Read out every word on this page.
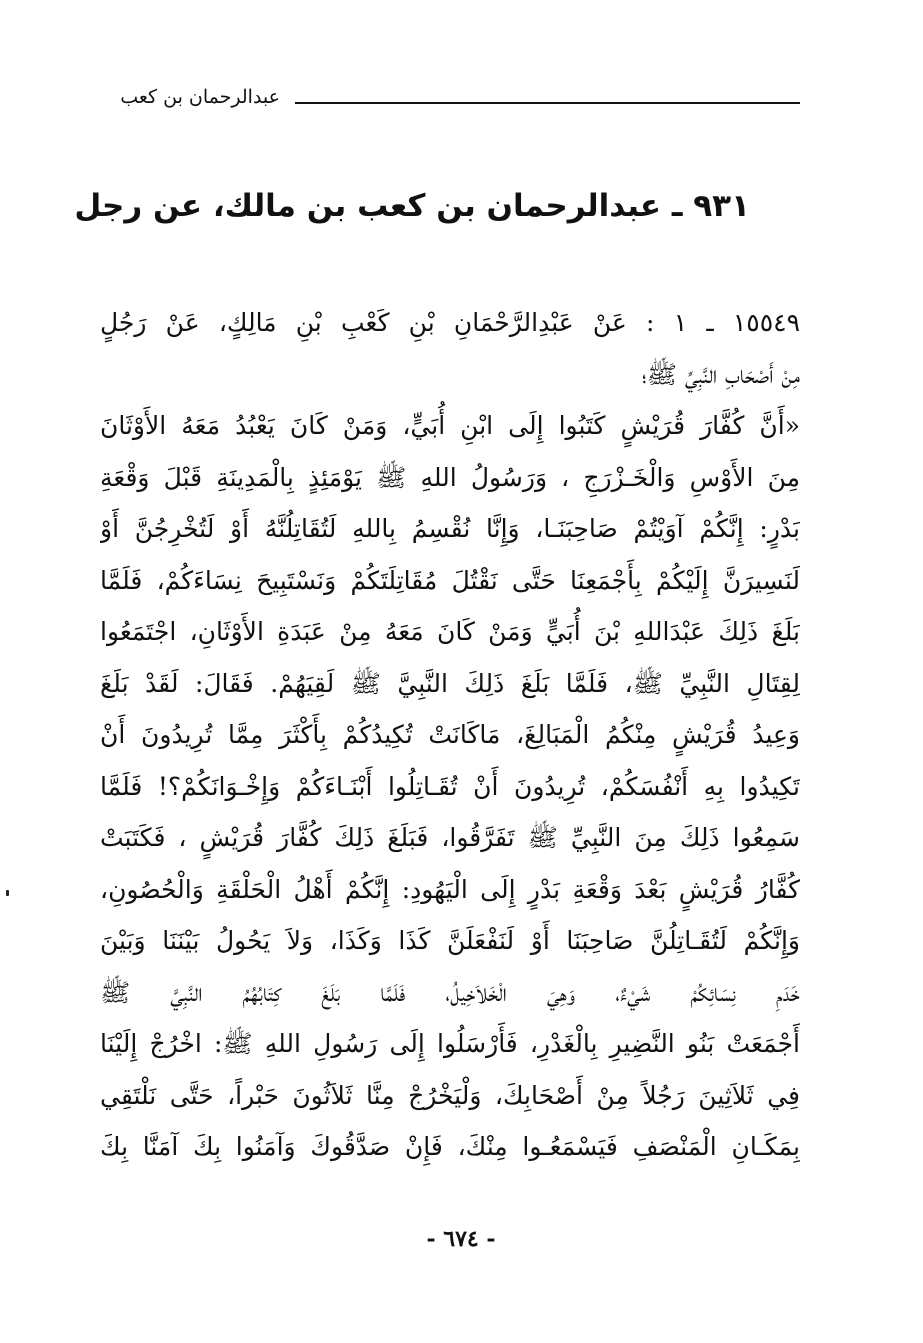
عبدالرحمان بن كعب
٩٣١ ـ عبدالرحمان بن كعب بن مالك، عن رجل
١٥٥٤٩ ـ ١ : عَنْ عَبْدِالرَّحْمَانِ بْنِ كَعْبِ بْنِ مَالِكٍ، عَنْ رَجُلٍ
مِنْ أَصْحَابِ النَّبِيِّ ﷺ؛
«أَنَّ كُفَّارَ قُرَيْشٍ كَتَبُوا إِلَى ابْنِ أُبَيٍّ، وَمَنْ كَانَ يَعْبُدُ مَعَهُ الأَوْثَانَ
مِنَ الأَوْسِ وَالْخَـزْرَجِ ، وَرَسُولُ اللهِ ﷺ يَوْمَئِذٍ بِالْمَدِينَةِ قَبْلَ وَقْعَةِ
بَدْرٍ: إِنَّكُمْ آوَيْتُمْ صَاحِبَنَـا، وَإِنَّا نُقْسِمُ بِاللهِ لَتُقَاتِلُنَّهُ أَوْ لَتُخْرِجُنَّ أَوْ
لَنَسِيرَنَّ إِلَيْكُمْ بِأَجْمَعِنَا حَتَّى نَقْتُلَ مُقَاتِلَتَكُمْ وَنَسْتَبِيحَ نِسَاءَكُمْ، فَلَمَّا
بَلَغَ ذَلِكَ عَبْدَاللهِ بْنَ أُبَيٍّ وَمَنْ كَانَ مَعَهُ مِنْ عَبَدَةِ الأَوْثَانِ، اجْتَمَعُوا
لِقِتَالِ النَّبِيِّ ﷺ، فَلَمَّا بَلَغَ ذَلِكَ النَّبِيَّ ﷺ لَقِيَهُمْ. فَقَالَ: لَقَدْ بَلَغَ
وَعِيدُ قُرَيْشٍ مِنْكُمُ الْمَبَالِغَ، مَاكَانَتْ تُكِيدُكُمْ بِأَكْثَرَ مِمَّا تُرِيدُونَ أَنْ
تَكِيدُوا بِهِ أَنْفُسَكُمْ، تُرِيدُونَ أَنْ تُقَـاتِلُوا أَبْنَـاءَكُمْ وَإِخْـوَانَكُمْ؟! فَلَمَّا
سَمِعُوا ذَلِكَ مِنَ النَّبِيِّ ﷺ تَفَرَّقُوا، فَبَلَغَ ذَلِكَ كُفَّارَ قُرَيْشٍ ، فَكَتَبَتْ
كُفَّارُ قُرَيْشٍ بَعْدَ وَقْعَةِ بَدْرٍ إِلَى الْيَهُودِ: إِنَّكُمْ أَهْلُ الْحَلْقَةِ وَالْحُصُونِ،
وَإِنَّكُمْ لَتُقَـاتِلُنَّ صَاحِبَنَا أَوْ لَنَفْعَلَنَّ كَذَا وَكَذَا، وَلاَ يَحُولُ بَيْنَنَا وَبَيْنَ
خَدَمِ نِسَائِكُمْ شَيْءٌ، وَهِيَ الْخَلاَخِيلُ، فَلَمَّا بَلَغَ كِتَابُهُمُ النَّبِيَّ ﷺ
أَجْمَعَتْ بَنُو النَّضِيرِ بِالْغَدْرِ، فَأَرْسَلُوا إِلَى رَسُولِ اللهِ ﷺ: اخْرُجْ إِلَيْنَا
فِي ثَلاَثِينَ رَجُلاً مِنْ أَصْحَابِكَ، وَلْيَخْرُجْ مِنَّا ثَلاَثُونَ حَبْراً، حَتَّى نَلْتَقِي
بِمَكَـانِ الْمَنْصَفِ فَيَسْمَعُـوا مِنْكَ، فَإِنْ صَدَّقُوكَ وَآمَنُوا بِكَ آمَنَّا بِكَ
- ٦٧٤ -
